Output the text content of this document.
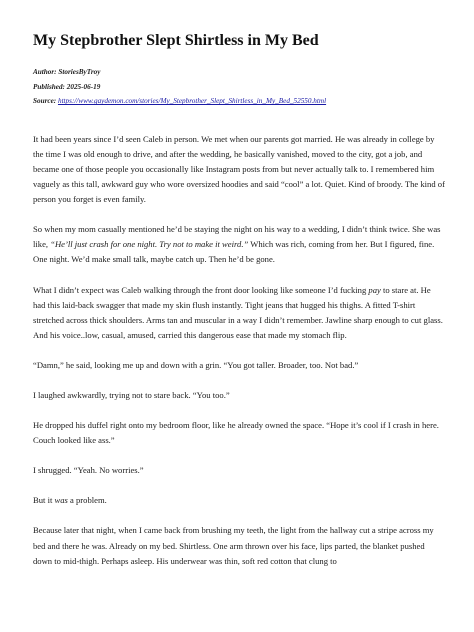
My Stepbrother Slept Shirtless in My Bed
Author: StoriesByTroy
Published: 2025-06-19
Source: https://www.gaydemon.com/stories/My_Stepbrother_Slept_Shirtless_in_My_Bed_52550.html

It had been years since I’d seen Caleb in person. We met when our parents got married. He was already in college by the time I was old enough to drive, and after the wedding, he basically vanished, moved to the city, got a job, and became one of those people you occasionally like Instagram posts from but never actually talk to. I remembered him vaguely as this tall, awkward guy who wore oversized hoodies and said “cool” a lot. Quiet. Kind of broody. The kind of person you forget is even family.

So when my mom casually mentioned he’d be staying the night on his way to a wedding, I didn’t think twice. She was like, “He’ll just crash for one night. Try not to make it weird.” Which was rich, coming from her. But I figured, fine. One night. We’d make small talk, maybe catch up. Then he’d be gone.

What I didn’t expect was Caleb walking through the front door looking like someone I’d fucking pay to stare at. He had this laid-back swagger that made my skin flush instantly. Tight jeans that hugged his thighs. A fitted T-shirt stretched across thick shoulders. Arms tan and muscular in a way I didn’t remember. Jawline sharp enough to cut glass. And his voice..low, casual, amused, carried this dangerous ease that made my stomach flip.

“Damn,” he said, looking me up and down with a grin. “You got taller. Broader, too. Not bad.”

I laughed awkwardly, trying not to stare back. “You too.”

He dropped his duffel right onto my bedroom floor, like he already owned the space. “Hope it’s cool if I crash in here. Couch looked like ass.”

I shrugged. “Yeah. No worries.”

But it was a problem.

Because later that night, when I came back from brushing my teeth, the light from the hallway cut a stripe across my bed and there he was. Already on my bed. Shirtless. One arm thrown over his face, lips parted, the blanket pushed down to mid-thigh. Perhaps asleep. His underwear was thin, soft red cotton that clung to
